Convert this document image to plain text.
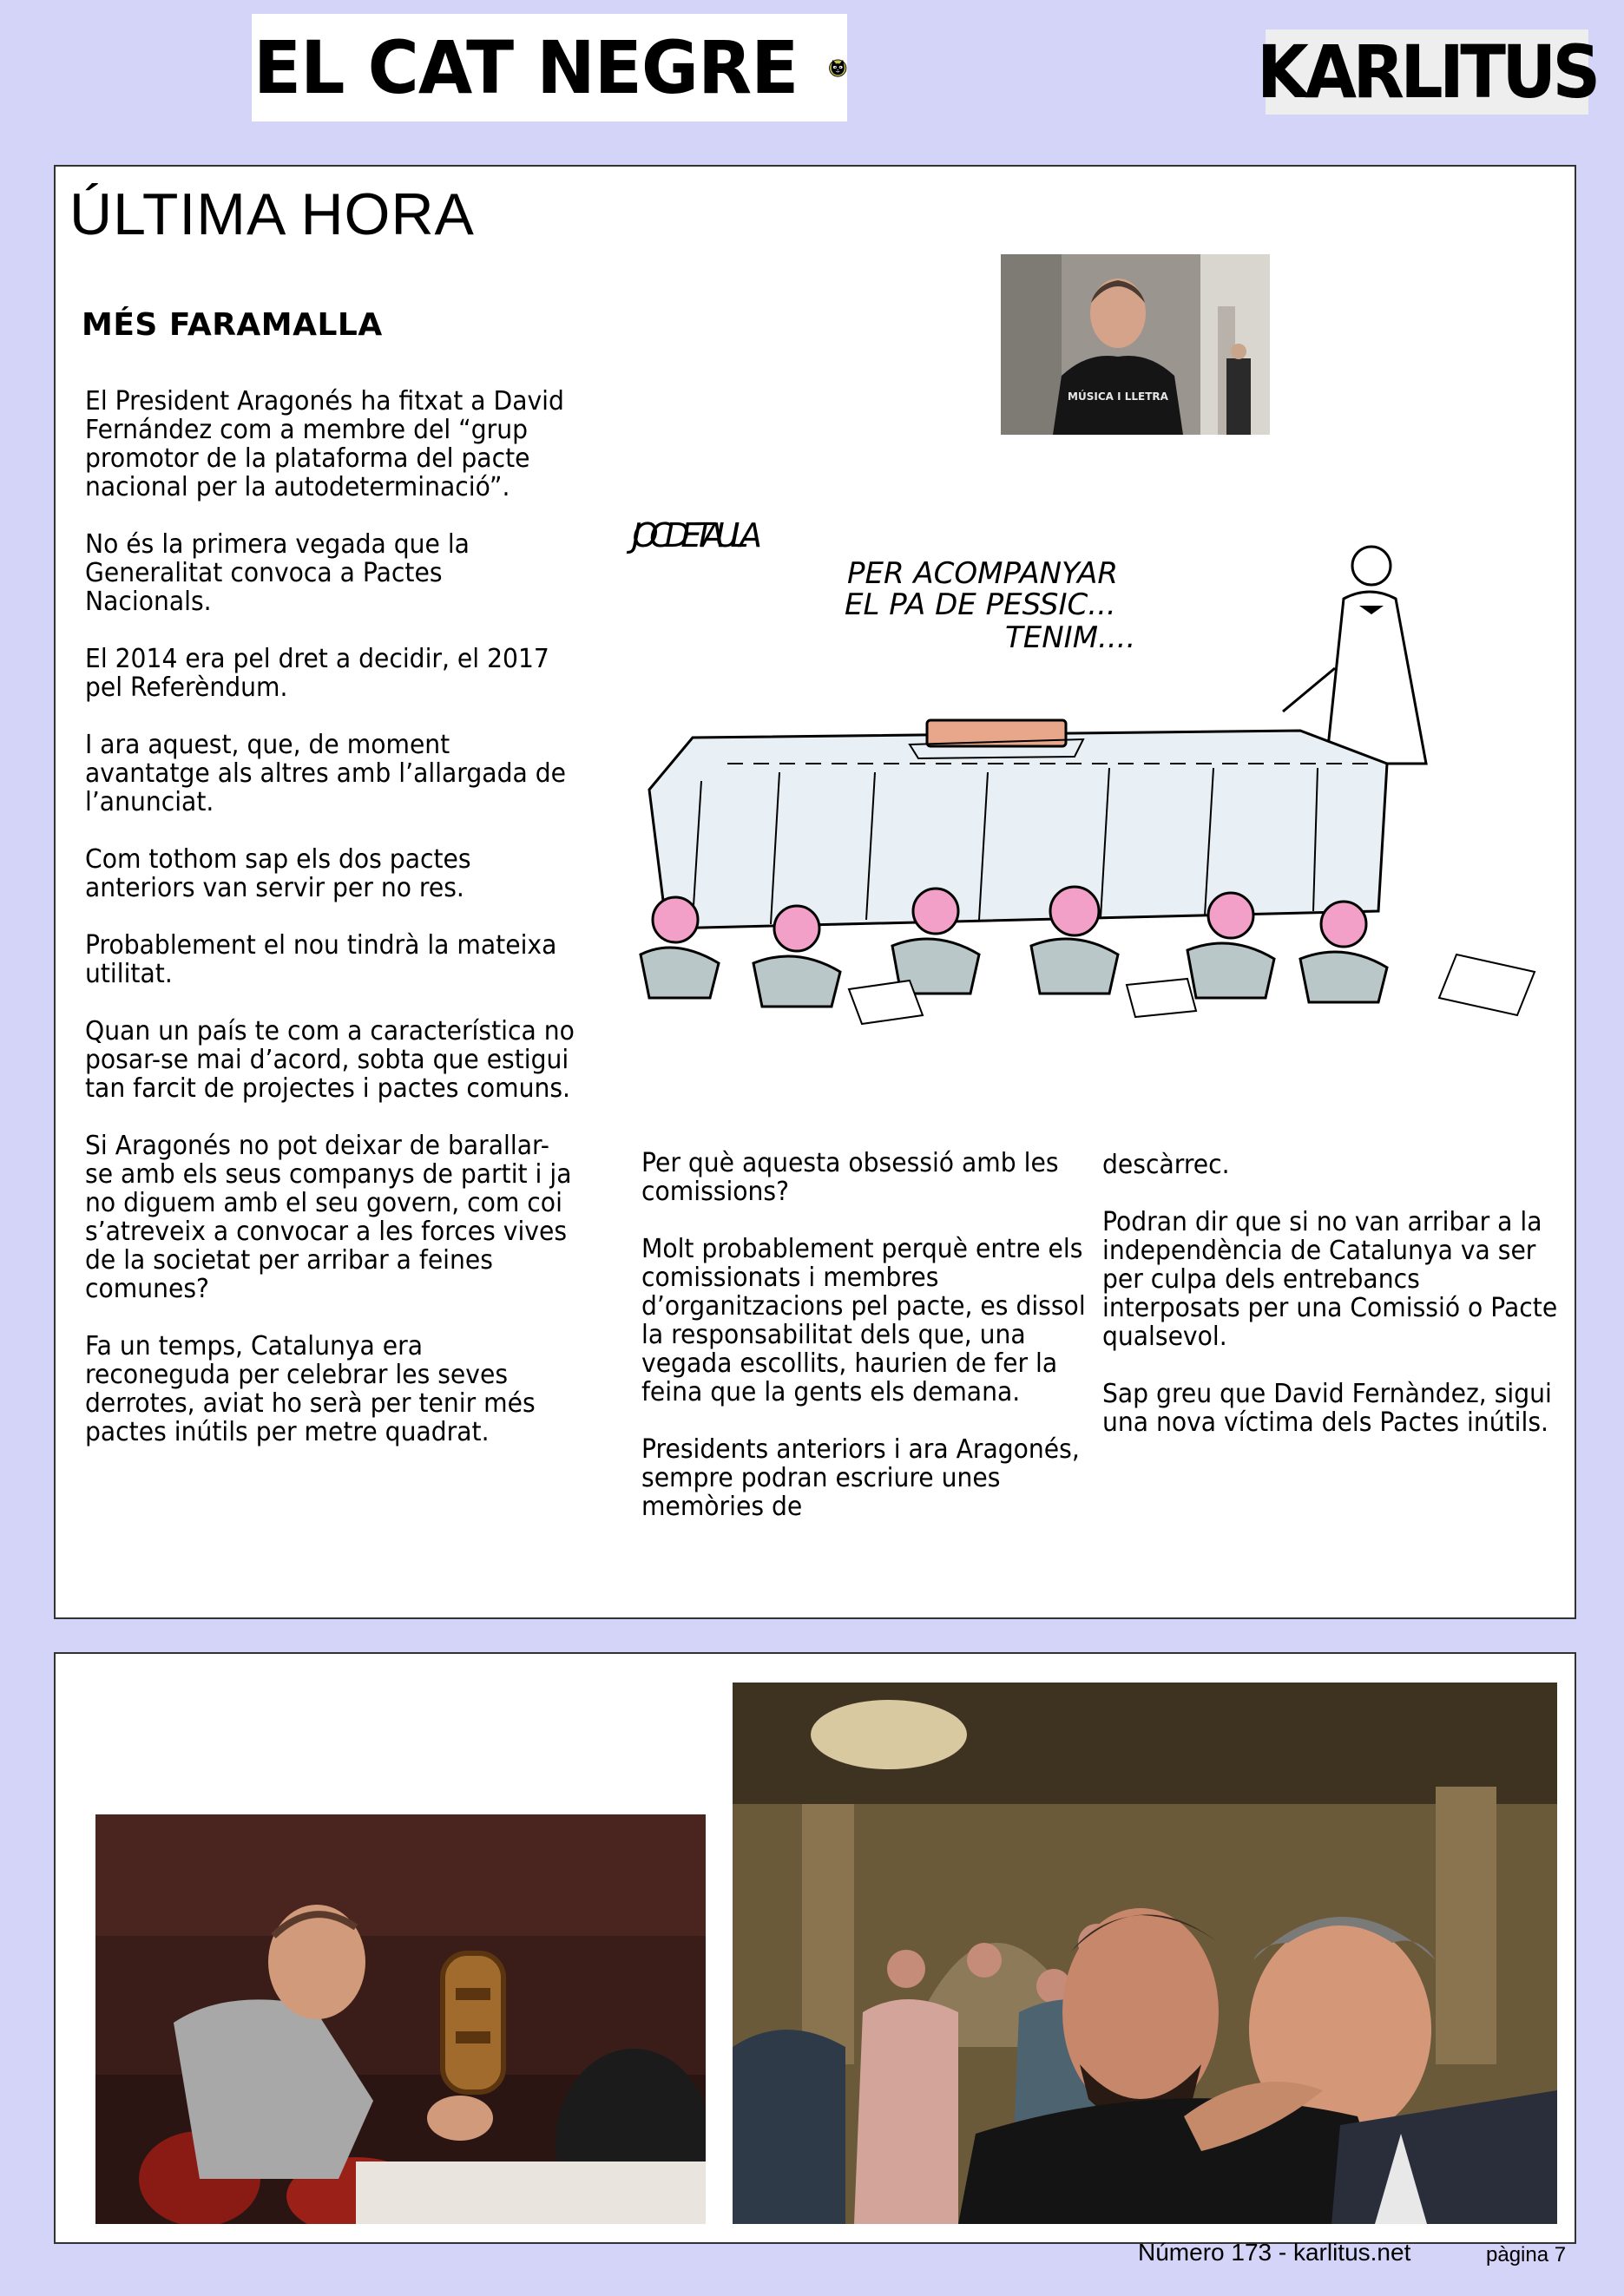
EL CAT NEGRE	KARLITUS
ÚLTIMA HORA
MÉS FARAMALLA

El President Aragonés ha fitxat a David Fernández com a membre del “grup promotor de la plataforma del pacte nacional per la autodeterminació”.

No és la primera vegada que la Generalitat convoca a Pactes Nacionals.

El 2014 era pel dret a decidir, el 2017 pel Referèndum.

I ara aquest, que, de moment avantatge als altres amb l’allargada de l’anunciat.

Com tothom sap els dos pactes anteriors van servir per no res.

Probablement el nou tindrà la mateixa utilitat.

Quan un país te com a característica no posar-se mai d’acord, sobta que estigui tan farcit de projectes i pactes comuns.

Si Aragonés no pot deixar de barallar-se amb els seus companys de partit i ja no diguem amb el seu govern, com coi s’atreveix a convocar a les forces vives de la societat per arribar a feines comunes?

Fa un temps, Catalunya era reconeguda per celebrar les seves derrotes, aviat ho serà per tenir més pactes inútils per metre quadrat.

Per què aquesta obsessió amb les comissions?

Molt probablement perquè entre els comissionats i membres d’organitzacions pel pacte, es dissol la responsabilitat dels que, una vegada escollits, haurien de fer la feina que la gents els demana.

Presidents anteriors i ara Aragonés, sempre podran escriure unes memòries de

descàrrec.

Podran dir que si no van arribar a la independència de Catalunya va ser per culpa dels entrebancs interposats per una Comissió o Pacte qualsevol.

Sap greu que David Fernàndez, sigui una nova víctima dels Pactes inútils.

MÚSICA I LLETRA
JOC DE TAULA
PER ACOMPANYAR
EL PA DE PESSIC...
TENIM....
Número 173 - karlitus.net	pàgina 7
